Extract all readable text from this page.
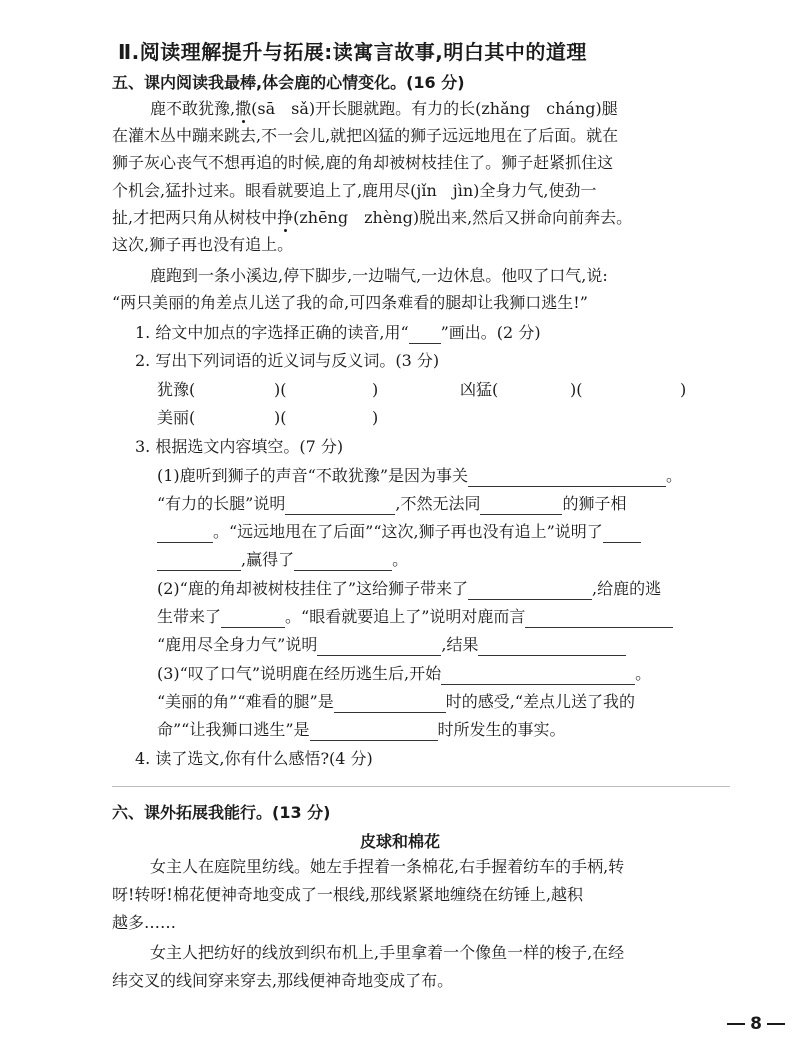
Ⅱ.阅读理解提升与拓展:读寓言故事,明白其中的道理
五、课内阅读我最棒,体会鹿的心情变化。(16 分)
鹿不敢犹豫,撒(sā　sǎ)开长腿就跑。有力的长(zhǎng　cháng)腿
在灌木丛中蹦来跳去,不一会儿,就把凶猛的狮子远远地甩在了后面。就在
狮子灰心丧气不想再追的时候,鹿的角却被树枝挂住了。狮子赶紧抓住这
个机会,猛扑过来。眼看就要追上了,鹿用尽(jǐn　jìn)全身力气,使劲一
扯,才把两只角从树枝中挣(zhēng　zhèng)脱出来,然后又拼命向前奔去。
这次,狮子再也没有追上。
鹿跑到一条小溪边,停下脚步,一边喘气,一边休息。他叹了口气,说:
“两只美丽的角差点儿送了我的命,可四条难看的腿却让我狮口逃生!”
1. 给文中加点的字选择正确的读音,用“ ”画出。(2 分)
2. 写出下列词语的近义词与反义词。(3 分)
犹豫(	)(	)	凶猛(	)(	)
美丽(	)(	)
3. 根据选文内容填空。(7 分)
(1)鹿听到狮子的声音“不敢犹豫”是因为事关	。
“有力的长腿”说明	,不然无法同	的狮子相
。“远远地甩在了后面”“这次,狮子再也没有追上”说明了
,赢得了	。
(2)“鹿的角却被树枝挂住了”这给狮子带来了	,给鹿的逃
生带来了	。“眼看就要追上了”说明对鹿而言
“鹿用尽全身力气”说明	,结果
(3)“叹了口气”说明鹿在经历逃生后,开始	。
“美丽的角”“难看的腿”是	时的感受,“差点儿送了我的
命”“让我狮口逃生”是	时所发生的事实。
4. 读了选文,你有什么感悟?(4 分)
六、课外拓展我能行。(13 分)
皮球和棉花
女主人在庭院里纺线。她左手捏着一条棉花,右手握着纺车的手柄,转
呀!转呀!棉花便神奇地变成了一根线,那线紧紧地缠绕在纺锤上,越积
越多……
女主人把纺好的线放到织布机上,手里拿着一个像鱼一样的梭子,在经
纬交叉的线间穿来穿去,那线便神奇地变成了布。
8
